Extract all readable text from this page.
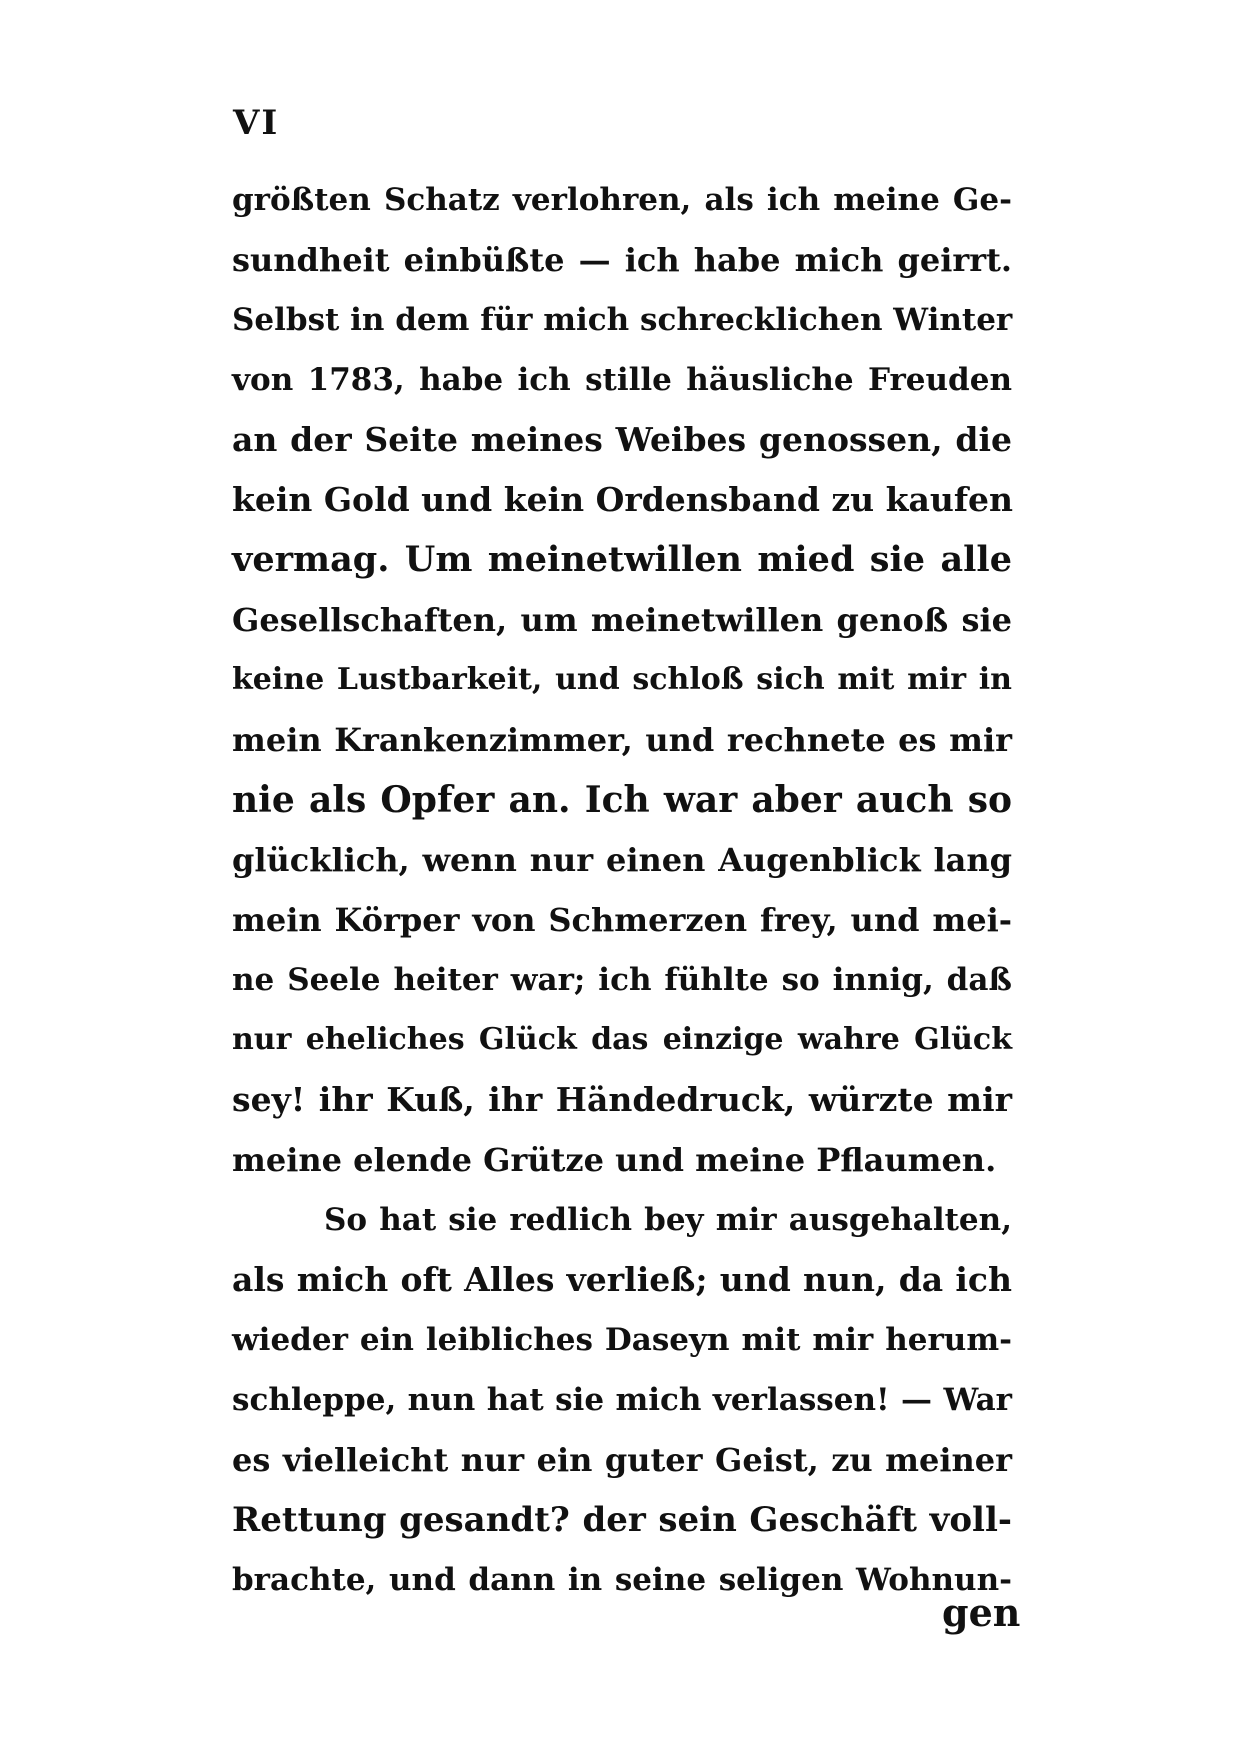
VI
größten Schatz verlohren, als ich meine Ge-
sundheit einbüßte — ich habe mich geirrt.
Selbst in dem für mich schrecklichen Winter
von 1783, habe ich stille häusliche Freuden
an der Seite meines Weibes genossen, die
kein Gold und kein Ordensband zu kaufen
vermag. Um meinetwillen mied sie alle
Gesellschaften, um meinetwillen genoß sie
keine Lustbarkeit, und schloß sich mit mir in
mein Krankenzimmer, und rechnete es mir
nie als Opfer an. Ich war aber auch so
glücklich, wenn nur einen Augenblick lang
mein Körper von Schmerzen frey, und mei-
ne Seele heiter war; ich fühlte so innig, daß
nur eheliches Glück das einzige wahre Glück
sey! ihr Kuß, ihr Händedruck, würzte mir
meine elende Grütze und meine Pflaumen.
So hat sie redlich bey mir ausgehalten,
als mich oft Alles verließ; und nun, da ich
wieder ein leibliches Daseyn mit mir herum-
schleppe, nun hat sie mich verlassen! — War
es vielleicht nur ein guter Geist, zu meiner
Rettung gesandt? der sein Geschäft voll-
brachte, und dann in seine seligen Wohnun-
gen
